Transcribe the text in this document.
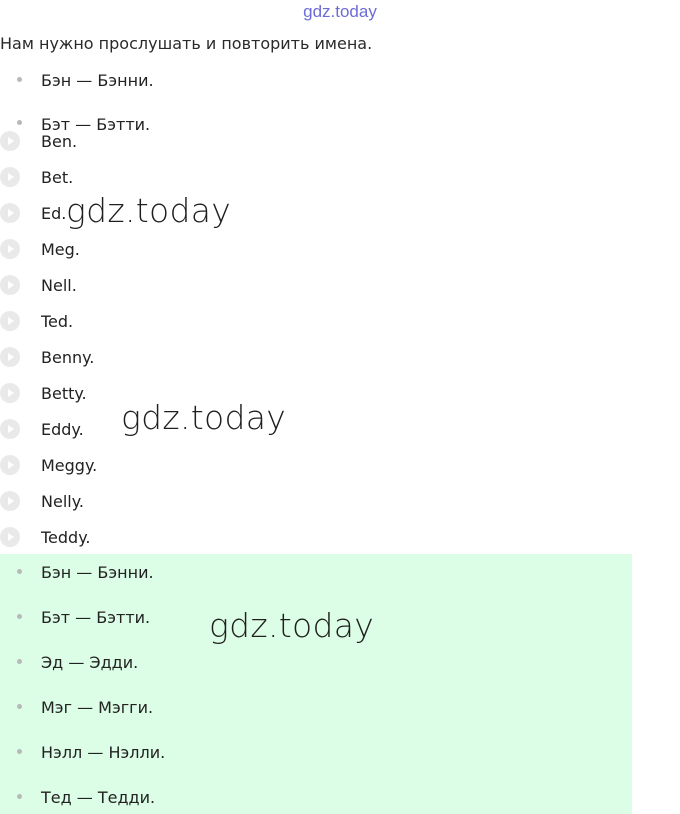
gdz.today
Нам нужно прослушать и повторить имена.
Бэн — Бэнни.
Бэт — Бэтти.
Ben.
Bet.
Ed.
Meg.
Nell.
Ted.
Benny.
Betty.
Eddy.
Meggy.
Nelly.
Teddy.
Бэн — Бэнни.
Бэт — Бэтти.
Эд — Эдди.
Мэг — Мэгги.
Нэлл — Нэлли.
Тед — Тедди.
gdz.today
gdz.today
gdz.today
